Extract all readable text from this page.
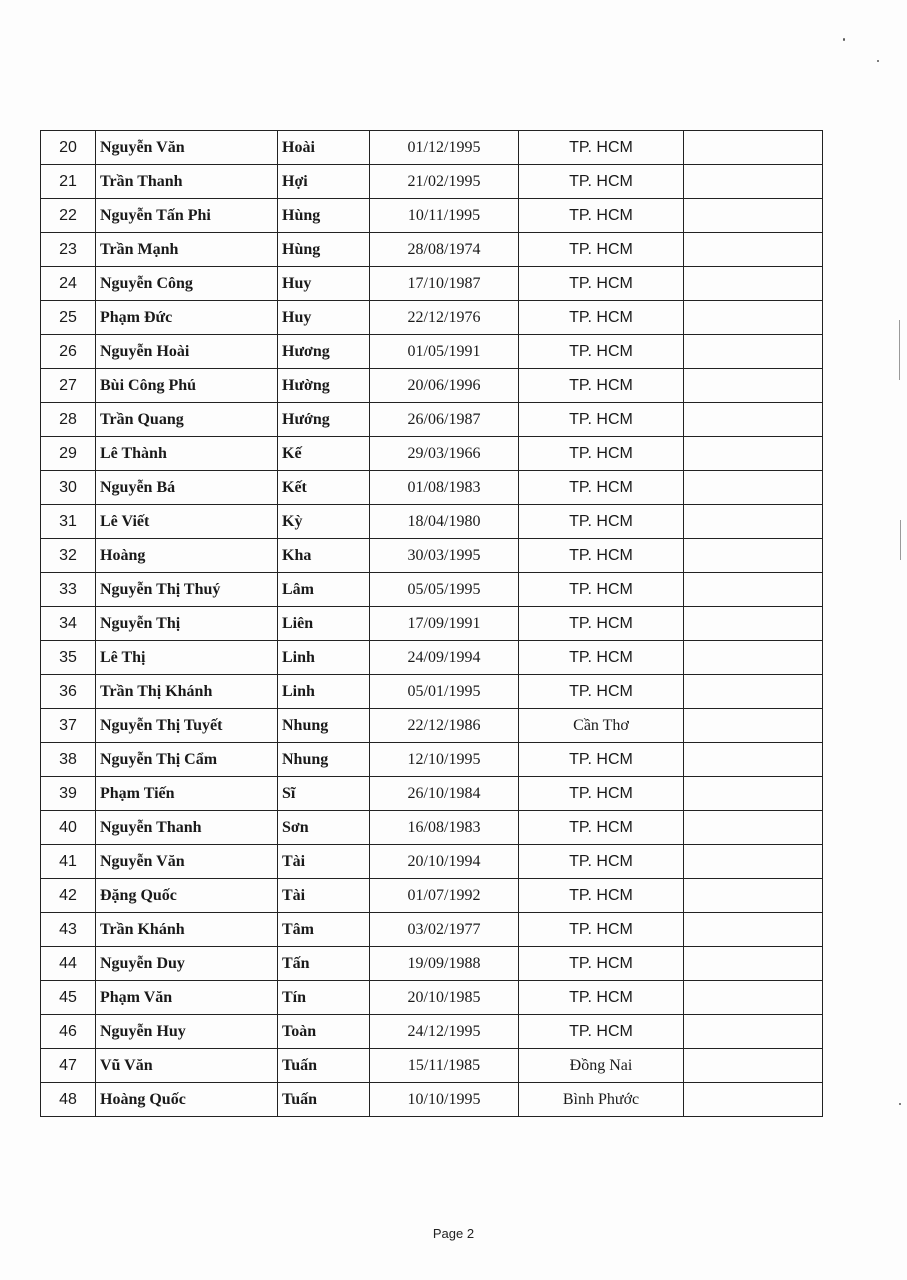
20	Nguyễn Văn	Hoài	01/12/1995	TP. HCM	
21	Trần Thanh	Hợi	21/02/1995	TP. HCM	
22	Nguyễn Tấn Phi	Hùng	10/11/1995	TP. HCM	
23	Trần Mạnh	Hùng	28/08/1974	TP. HCM	
24	Nguyễn Công	Huy	17/10/1987	TP. HCM	
25	Phạm Đức	Huy	22/12/1976	TP. HCM	
26	Nguyễn Hoài	Hương	01/05/1991	TP. HCM	
27	Bùi Công Phú	Hường	20/06/1996	TP. HCM	
28	Trần Quang	Hướng	26/06/1987	TP. HCM	
29	Lê Thành	Kế	29/03/1966	TP. HCM	
30	Nguyễn Bá	Kết	01/08/1983	TP. HCM	
31	Lê Viết	Kỳ	18/04/1980	TP. HCM	
32	Hoàng	Kha	30/03/1995	TP. HCM	
33	Nguyễn Thị Thuý	Lâm	05/05/1995	TP. HCM	
34	Nguyễn Thị	Liên	17/09/1991	TP. HCM	
35	Lê Thị	Linh	24/09/1994	TP. HCM	
36	Trần Thị Khánh	Linh	05/01/1995	TP. HCM	
37	Nguyễn Thị Tuyết	Nhung	22/12/1986	Cần Thơ	
38	Nguyễn Thị Cẩm	Nhung	12/10/1995	TP. HCM	
39	Phạm Tiến	Sĩ	26/10/1984	TP. HCM	
40	Nguyễn Thanh	Sơn	16/08/1983	TP. HCM	
41	Nguyễn Văn	Tài	20/10/1994	TP. HCM	
42	Đặng Quốc	Tài	01/07/1992	TP. HCM	
43	Trần Khánh	Tâm	03/02/1977	TP. HCM	
44	Nguyễn Duy	Tấn	19/09/1988	TP. HCM	
45	Phạm Văn	Tín	20/10/1985	TP. HCM	
46	Nguyễn Huy	Toàn	24/12/1995	TP. HCM	
47	Vũ Văn	Tuấn	15/11/1985	Đồng Nai	
48	Hoàng Quốc	Tuấn	10/10/1995	Bình Phước	
Page 2
